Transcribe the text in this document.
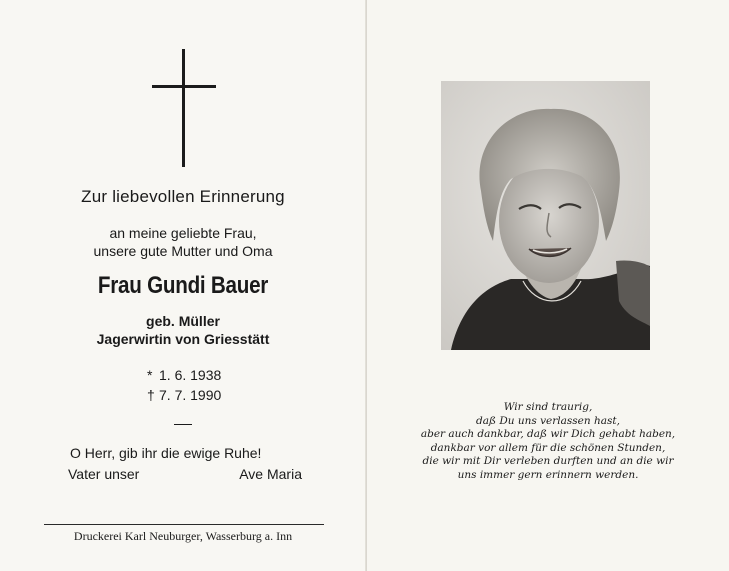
Zur liebevollen Erinnerung
an meine geliebte Frau,
unsere gute Mutter und Oma
Frau Gundi Bauer
geb. Müller
Jagerwirtin von Griesstätt
* 1. 6. 1938
† 7. 7. 1990
O Herr, gib ihr die ewige Ruhe!
Vater unser	Ave Maria
Druckerei Karl Neuburger, Wasserburg a. Inn
Wir sind traurig,
daß Du uns verlassen hast,
aber auch dankbar, daß wir Dich gehabt haben,
dankbar vor allem für die schönen Stunden,
die wir mit Dir verleben durften und an die wir
uns immer gern erinnern werden.
